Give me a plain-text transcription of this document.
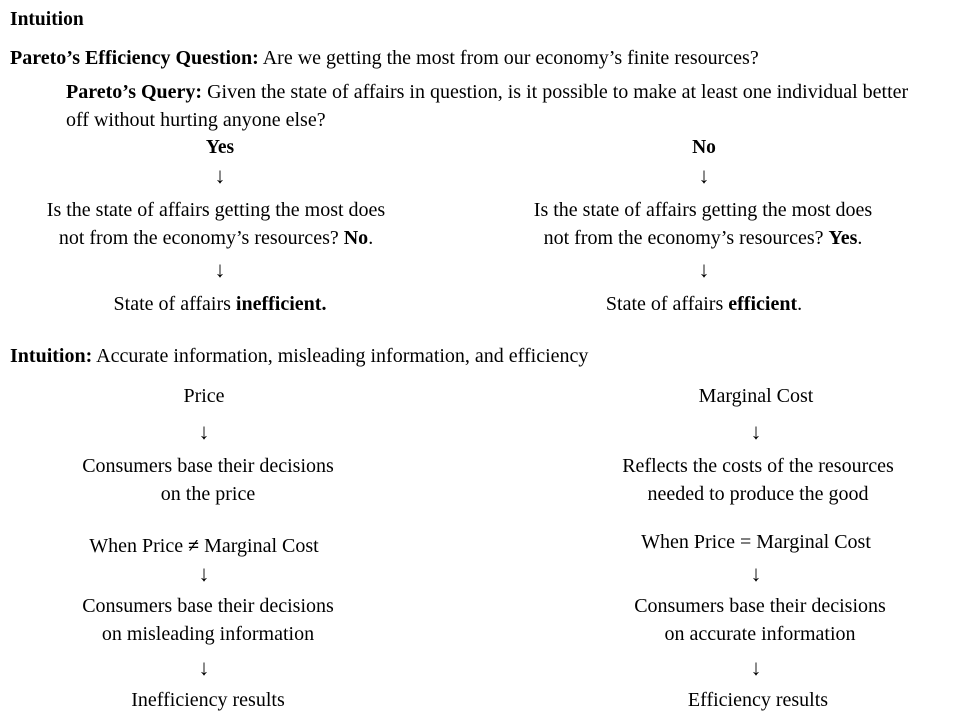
Intuition
Pareto’s Efficiency Question: Are we getting the most from our economy’s finite resources?
Pareto’s Query: Given the state of affairs in question, is it possible to make at least one individual better off without hurting anyone else?
Yes
↓
Is the state of affairs getting the most does
not from the economy’s resources? No.
↓
State of affairs inefficient.
No
↓
Is the state of affairs getting the most does
not from the economy’s resources? Yes.
↓
State of affairs efficient.
Intuition: Accurate information, misleading information, and efficiency
Price
↓
Consumers base their decisions
on the price
When Price ≠ Marginal Cost
↓
Consumers base their decisions
on misleading information
↓
Inefficiency results
Marginal Cost
↓
Reflects the costs of the resources
needed to produce the good
When Price = Marginal Cost
↓
Consumers base their decisions
on accurate information
↓
Efficiency results
